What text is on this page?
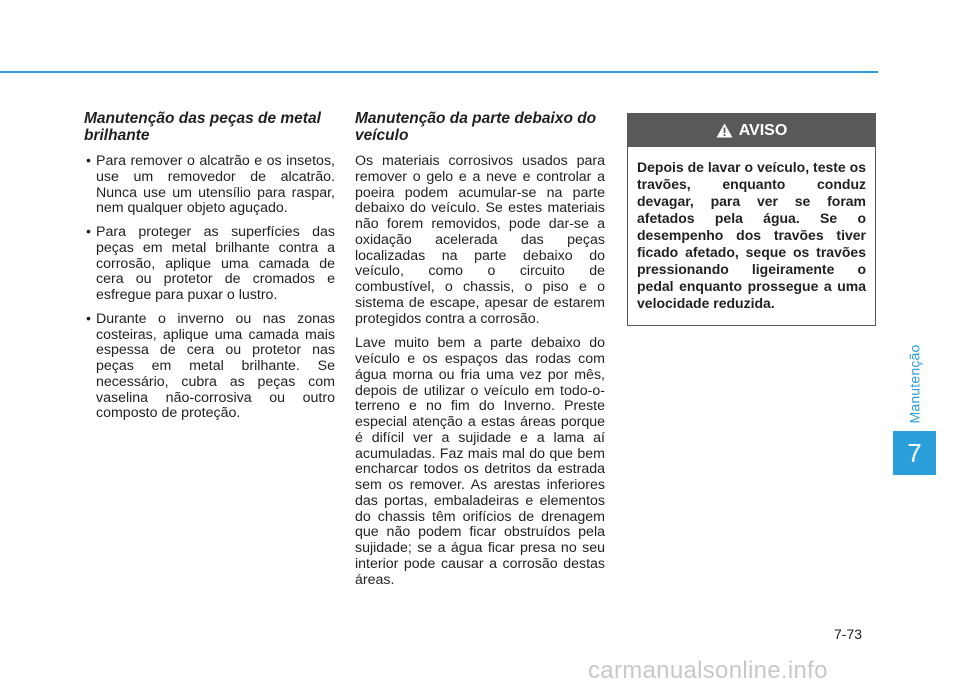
Manutenção das peças de metal brilhante
• Para remover o alcatrão e os insetos, use um removedor de alcatrão. Nunca use um utensílio para raspar, nem qualquer objeto aguçado.
• Para proteger as superfícies das peças em metal brilhante contra a corrosão, aplique uma camada de cera ou protetor de cromados e esfregue para puxar o lustro.
• Durante o inverno ou nas zonas costeiras, aplique uma camada mais espessa de cera ou protetor nas peças em metal brilhante. Se necessário, cubra as peças com vaselina não-corrosiva ou outro composto de proteção.
Manutenção da parte debaixo do veículo

Os materiais corrosivos usados para remover o gelo e a neve e controlar a poeira podem acumular-se na parte debaixo do veículo. Se estes materiais não forem removidos, pode dar-se a oxidação acelerada das peças localizadas na parte debaixo do veículo, como o circuito de combustível, o chassis, o piso e o sistema de escape, apesar de estarem protegidos contra a corrosão.

Lave muito bem a parte debaixo do veículo e os espaços das rodas com água morna ou fria uma vez por mês, depois de utilizar o veículo em todo-o-terreno e no fim do Inverno. Preste especial atenção a estas áreas porque é difícil ver a sujidade e a lama aí acumuladas. Faz mais mal do que bem encharcar todos os detritos da estrada sem os remover. As arestas inferiores das portas, embaladeiras e elementos do chassis têm orifícios de drenagem que não podem ficar obstruídos pela sujidade; se a água ficar presa no seu interior pode causar a corrosão destas áreas.

AVISO
Depois de lavar o veículo, teste os travões, enquanto conduz devagar, para ver se foram afetados pela água. Se o desempenho dos travões tiver ficado afetado, seque os travões pressionando ligeiramente o pedal enquanto prossegue a uma velocidade reduzida.
Manutenção
7
7-73
carmanualsonline.info
